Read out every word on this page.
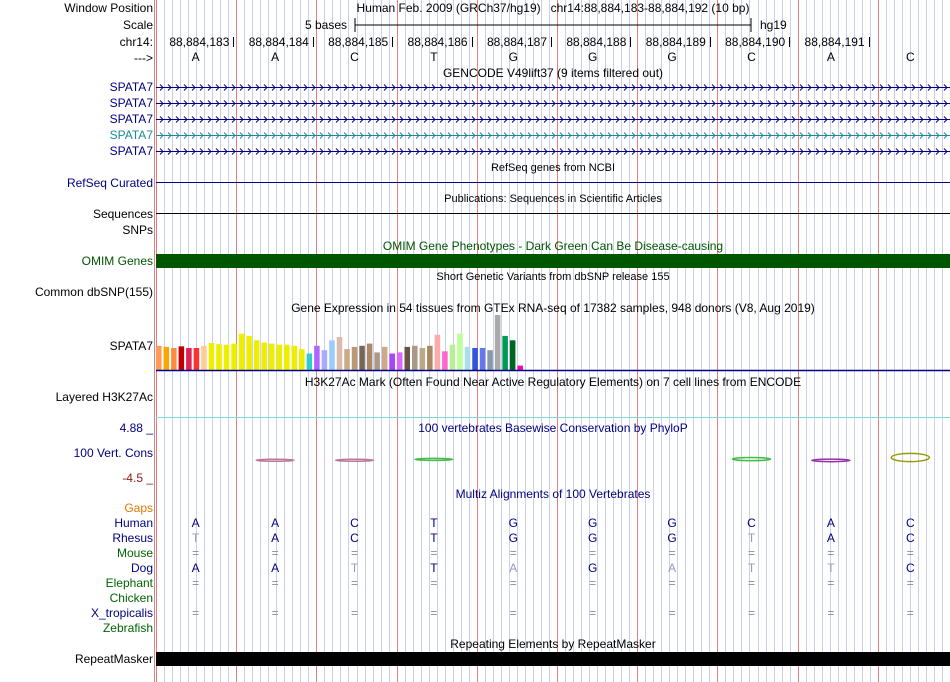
Window Position	Human Feb. 2009 (GRCh37/hg19)   chr14:88,884,183-88,884,192 (10 bp)
Scale	5 bases	hg19
chr14:
--->
GENCODE V49lift37 (9 items filtered out)
RefSeq genes from NCBI
RefSeq Curated
Publications: Sequences in Scientific Articles
Sequences
SNPs
OMIM Gene Phenotypes - Dark Green Can Be Disease-causing
OMIM Genes
Short Genetic Variants from dbSNP release 155
Common dbSNP(155)
Gene Expression in 54 tissues from GTEx RNA-seq of 17382 samples, 948 donors (V8, Aug 2019)
SPATA7
H3K27Ac Mark (Often Found Near Active Regulatory Elements) on 7 cell lines from ENCODE
Layered H3K27Ac
4.88 _	100 vertebrates Basewise Conservation by PhyloP
100 Vert. Cons
-4.5 _
Multiz Alignments of 100 Vertebrates
Gaps
Repeating Elements by RepeatMasker
RepeatMasker
88,884,183	88,884,184	88,884,185	88,884,186	88,884,187	88,884,188	88,884,189	88,884,190	88,884,191
A	A	C	T	G	G	G	C	A	C
SPATA7
SPATA7
SPATA7
SPATA7
SPATA7
Human	A	A	C	T	G	G	G	C	A	C
Rhesus	T	A	C	T	G	G	G	T	A	C
Mouse	=	=	=	=	=	=	=	=	=	=
Dog	A	A	T	T	A	G	A	T	T	C
Elephant	=	=	=	=	=	=	=	=	=	=
Chicken
X_tropicalis	=	=	=	=	=	=	=	=	=	=
Zebrafish
